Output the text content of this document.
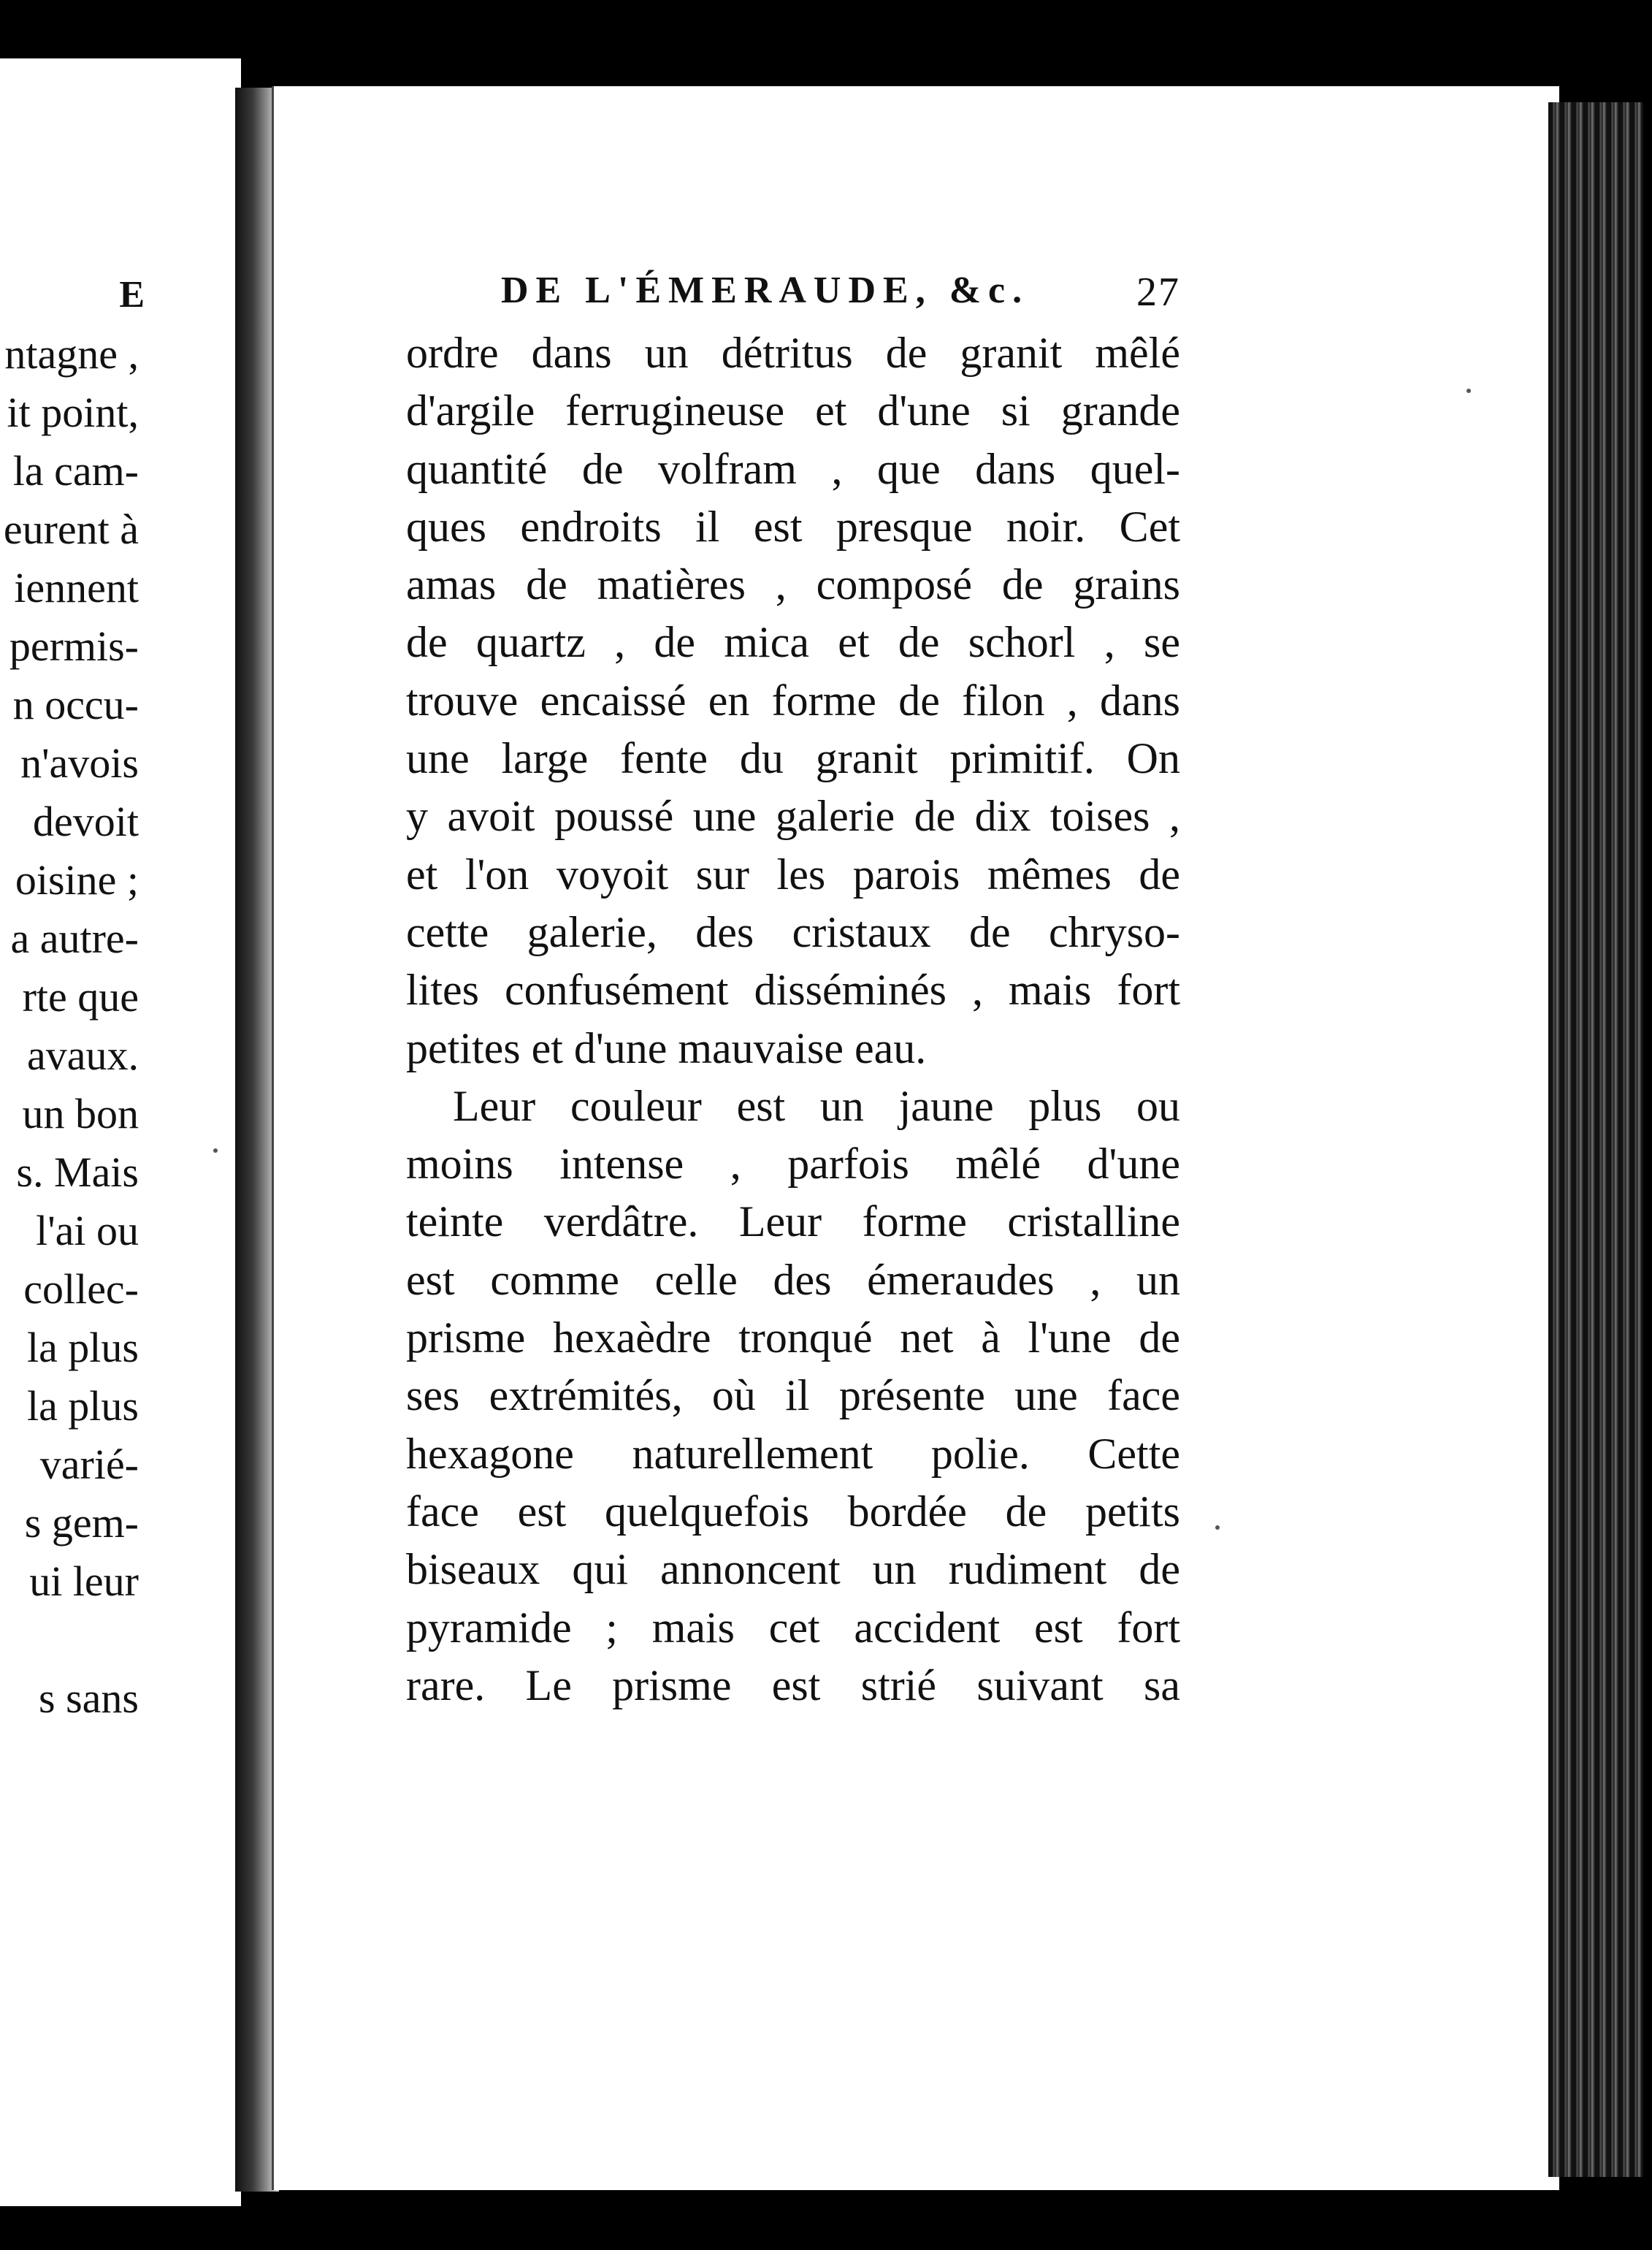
E
ntagne ,
it point,
la cam-
eurent à
iennent
permis-
n occu-
n'avois
devoit
oisine ;
a autre-
rte que
avaux.
un bon
s. Mais
l'ai ou
collec-
la plus
la plus
varié-
s gem-
ui leur
s sans
DE L'ÉMERAUDE, &c.	27
ordre dans un détritus de granit mêlé
d'argile ferrugineuse et d'une si grande
quantité de volfram , que dans quel-
ques endroits il est presque noir. Cet
amas de matières , composé de grains
de quartz , de mica et de schorl , se
trouve encaissé en forme de filon , dans
une large fente du granit primitif. On
y avoit poussé une galerie de dix toises ,
et l'on voyoit sur les parois mêmes de
cette galerie, des cristaux de chryso-
lites confusément disséminés , mais fort
petites et d'une mauvaise eau.
Leur couleur est un jaune plus ou
moins intense , parfois mêlé d'une
teinte verdâtre. Leur forme cristalline
est comme celle des émeraudes , un
prisme hexaèdre tronqué net à l'une de
ses extrémités, où il présente une face
hexagone naturellement polie. Cette
face est quelquefois bordée de petits
biseaux qui annoncent un rudiment de
pyramide ; mais cet accident est fort
rare. Le prisme est strié suivant sa
